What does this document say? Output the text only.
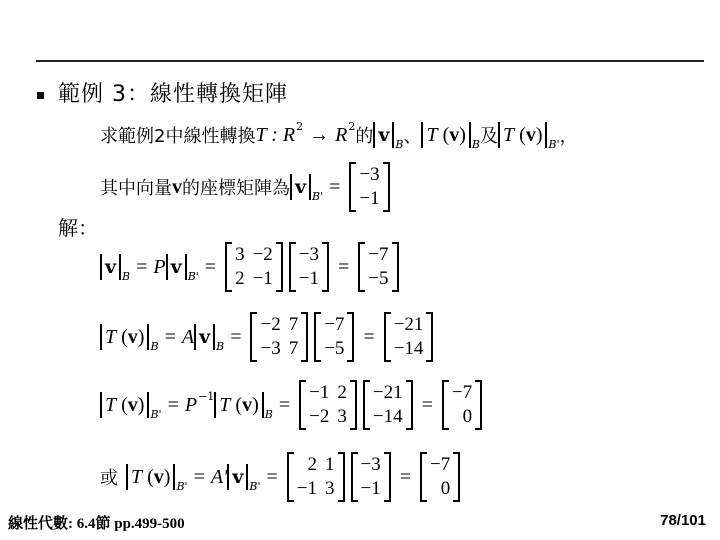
範例 3：線性轉換矩陣
求範例2中線性轉換 T : R 2 → R 2 的 v B 、 T ( v ) B 及 T ( v ) B' ，
其中向量 v 的座標矩陣為 v B' =
−3
−1
解：
v B = P v B' =
3 −2
2 −1
−3
−1
=
−7
−5
T ( v ) B = A v B =
−2 7
−3 7
−7
−5
=
−21
−14
T ( v ) B' = P −1 T ( v ) B =
−1 2
−2 3
−21
−14
=
−7
0
或 T ( v ) B' = A' v B' =
2 1
−1 3
−3
−1
=
−7
0
線性代數: 6.4節 pp.499-500	78/101
